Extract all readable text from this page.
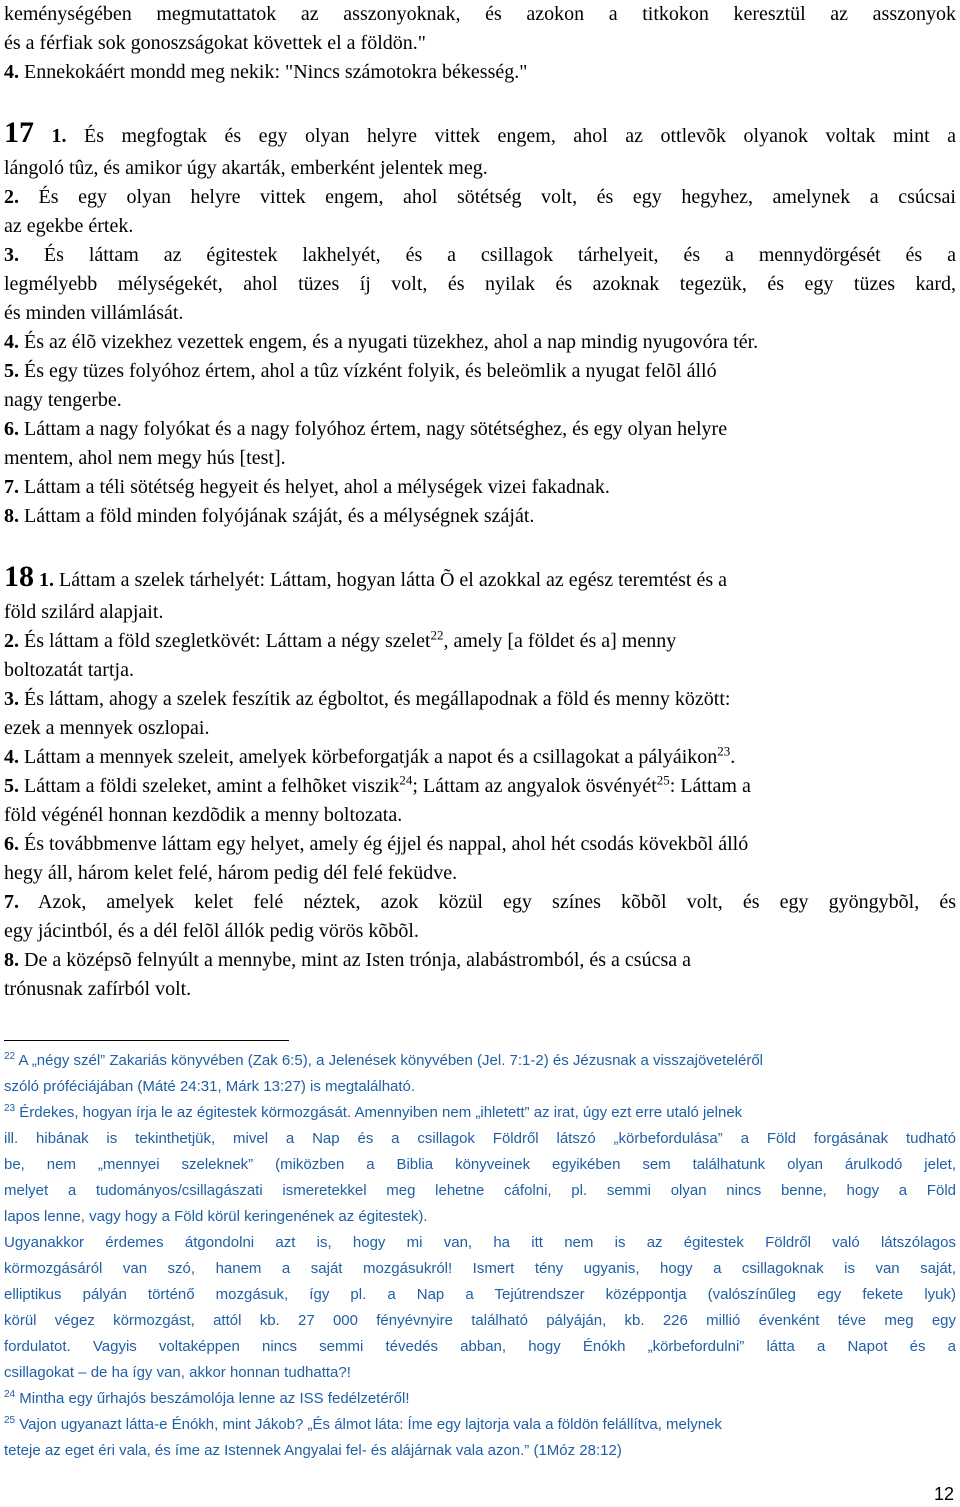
keménységében megmutattatok az asszonyoknak, és azokon a titkokon keresztül az asszonyok

és a férfiak sok gonoszságokat követtek el a földön."

4. Ennekokáért mondd meg nekik: "Nincs számotokra békesség."

17 1. És megfogtak és egy olyan helyre vittek engem, ahol az ottlevõk olyanok voltak mint a

lángoló tûz, és amikor úgy akarták, emberként jelentek meg.

2. És egy olyan helyre vittek engem, ahol sötétség volt, és egy hegyhez, amelynek a csúcsai

az egekbe értek.

3. És láttam az égitestek lakhelyét, és a csillagok tárhelyeit, és a mennydörgését és a

legmélyebb mélységekét, ahol tüzes íj volt, és nyilak és azoknak tegezük, és egy tüzes kard,

és minden villámlását.

4. És az élõ vizekhez vezettek engem, és a nyugati tüzekhez, ahol a nap mindig nyugovóra tér.

5. És egy tüzes folyóhoz értem, ahol a tûz vízként folyik, és beleömlik a nyugat felõl álló

nagy tengerbe.

6. Láttam a nagy folyókat és a nagy folyóhoz értem, nagy sötétséghez, és egy olyan helyre

mentem, ahol nem megy hús [test].

7. Láttam a téli sötétség hegyeit és helyet, ahol a mélységek vizei fakadnak.

8. Láttam a föld minden folyójának száját, és a mélységnek száját.

18 1. Láttam a szelek tárhelyét: Láttam, hogyan látta Õ el azokkal az egész teremtést és a

föld szilárd alapjait.

2. És láttam a föld szegletkövét: Láttam a négy szelet$^{22}$, amely [a földet és a] menny

boltozatát tartja.

3. És láttam, ahogy a szelek feszítik az égboltot, és megállapodnak a föld és menny között:

ezek a mennyek oszlopai.

4. Láttam a mennyek szeleit, amelyek körbeforgatják a napot és a csillagokat a pályáikon$^{23}$.

5. Láttam a földi szeleket, amint a felhõket viszik$^{24}$; Láttam az angyalok ösvényét$^{25}$: Láttam a

föld végénél honnan kezdõdik a menny boltozata.

6. És továbbmenve láttam egy helyet, amely ég éjjel és nappal, ahol hét csodás kövekbõl álló

hegy áll, három kelet felé, három pedig dél felé feküdve.

7. Azok, amelyek kelet felé néztek, azok közül egy színes kõbõl volt, és egy gyöngybõl, és

egy jácintból, és a dél felõl állók pedig vörös kõbõl.

8. De a középsõ felnyúlt a mennybe, mint az Isten trónja, alabástromból, és a csúcsa a

trónusnak zafírból volt.

$^{22}$ A „négy szél” Zakariás könyvében (Zak 6:5), a Jelenések könyvében (Jel. 7:1-2) és Jézusnak a visszajöveteléről

szóló próféciájában (Máté 24:31, Márk 13:27) is megtalálható.

$^{23}$ Érdekes, hogyan írja le az égitestek körmozgását. Amennyiben nem „ihletett” az irat, úgy ezt erre utaló jelnek

ill. hibának is tekinthetjük, mivel a Nap és a csillagok Földről látszó „körbefordulása” a Föld forgásának tudható

be, nem „mennyei szeleknek” (miközben a Biblia könyveinek egyikében sem találhatunk olyan árulkodó jelet,

melyet a tudományos/csillagászati ismeretekkel meg lehetne cáfolni, pl. semmi olyan nincs benne, hogy a Föld

lapos lenne, vagy hogy a Föld körül keringenének az égitestek).

Ugyanakkor érdemes átgondolni azt is, hogy mi van, ha itt nem is az égitestek Földről való látszólagos

körmozgásáról van szó, hanem a saját mozgásukról! Ismert tény ugyanis, hogy a csillagoknak is van saját,

elliptikus pályán történő mozgásuk, így pl. a Nap a Tejútrendszer középpontja (valószínűleg egy fekete lyuk)

körül végez körmozgást, attól kb. 27 000 fényévnyire található pályáján, kb. 226 millió évenként téve meg egy

fordulatot. Vagyis voltaképpen nincs semmi tévedés abban, hogy Énókh „körbefordulni” látta a Napot és a

csillagokat – de ha így van, akkor honnan tudhatta?!

$^{24}$ Mintha egy űrhajós beszámolója lenne az ISS fedélzetéről!

$^{25}$ Vajon ugyanazt látta-e Énókh, mint Jákob? „És álmot láta: Íme egy lajtorja vala a földön felállítva, melynek

teteje az eget éri vala, és íme az Istennek Angyalai fel- és alájárnak vala azon.” (1Móz 28:12)

12
